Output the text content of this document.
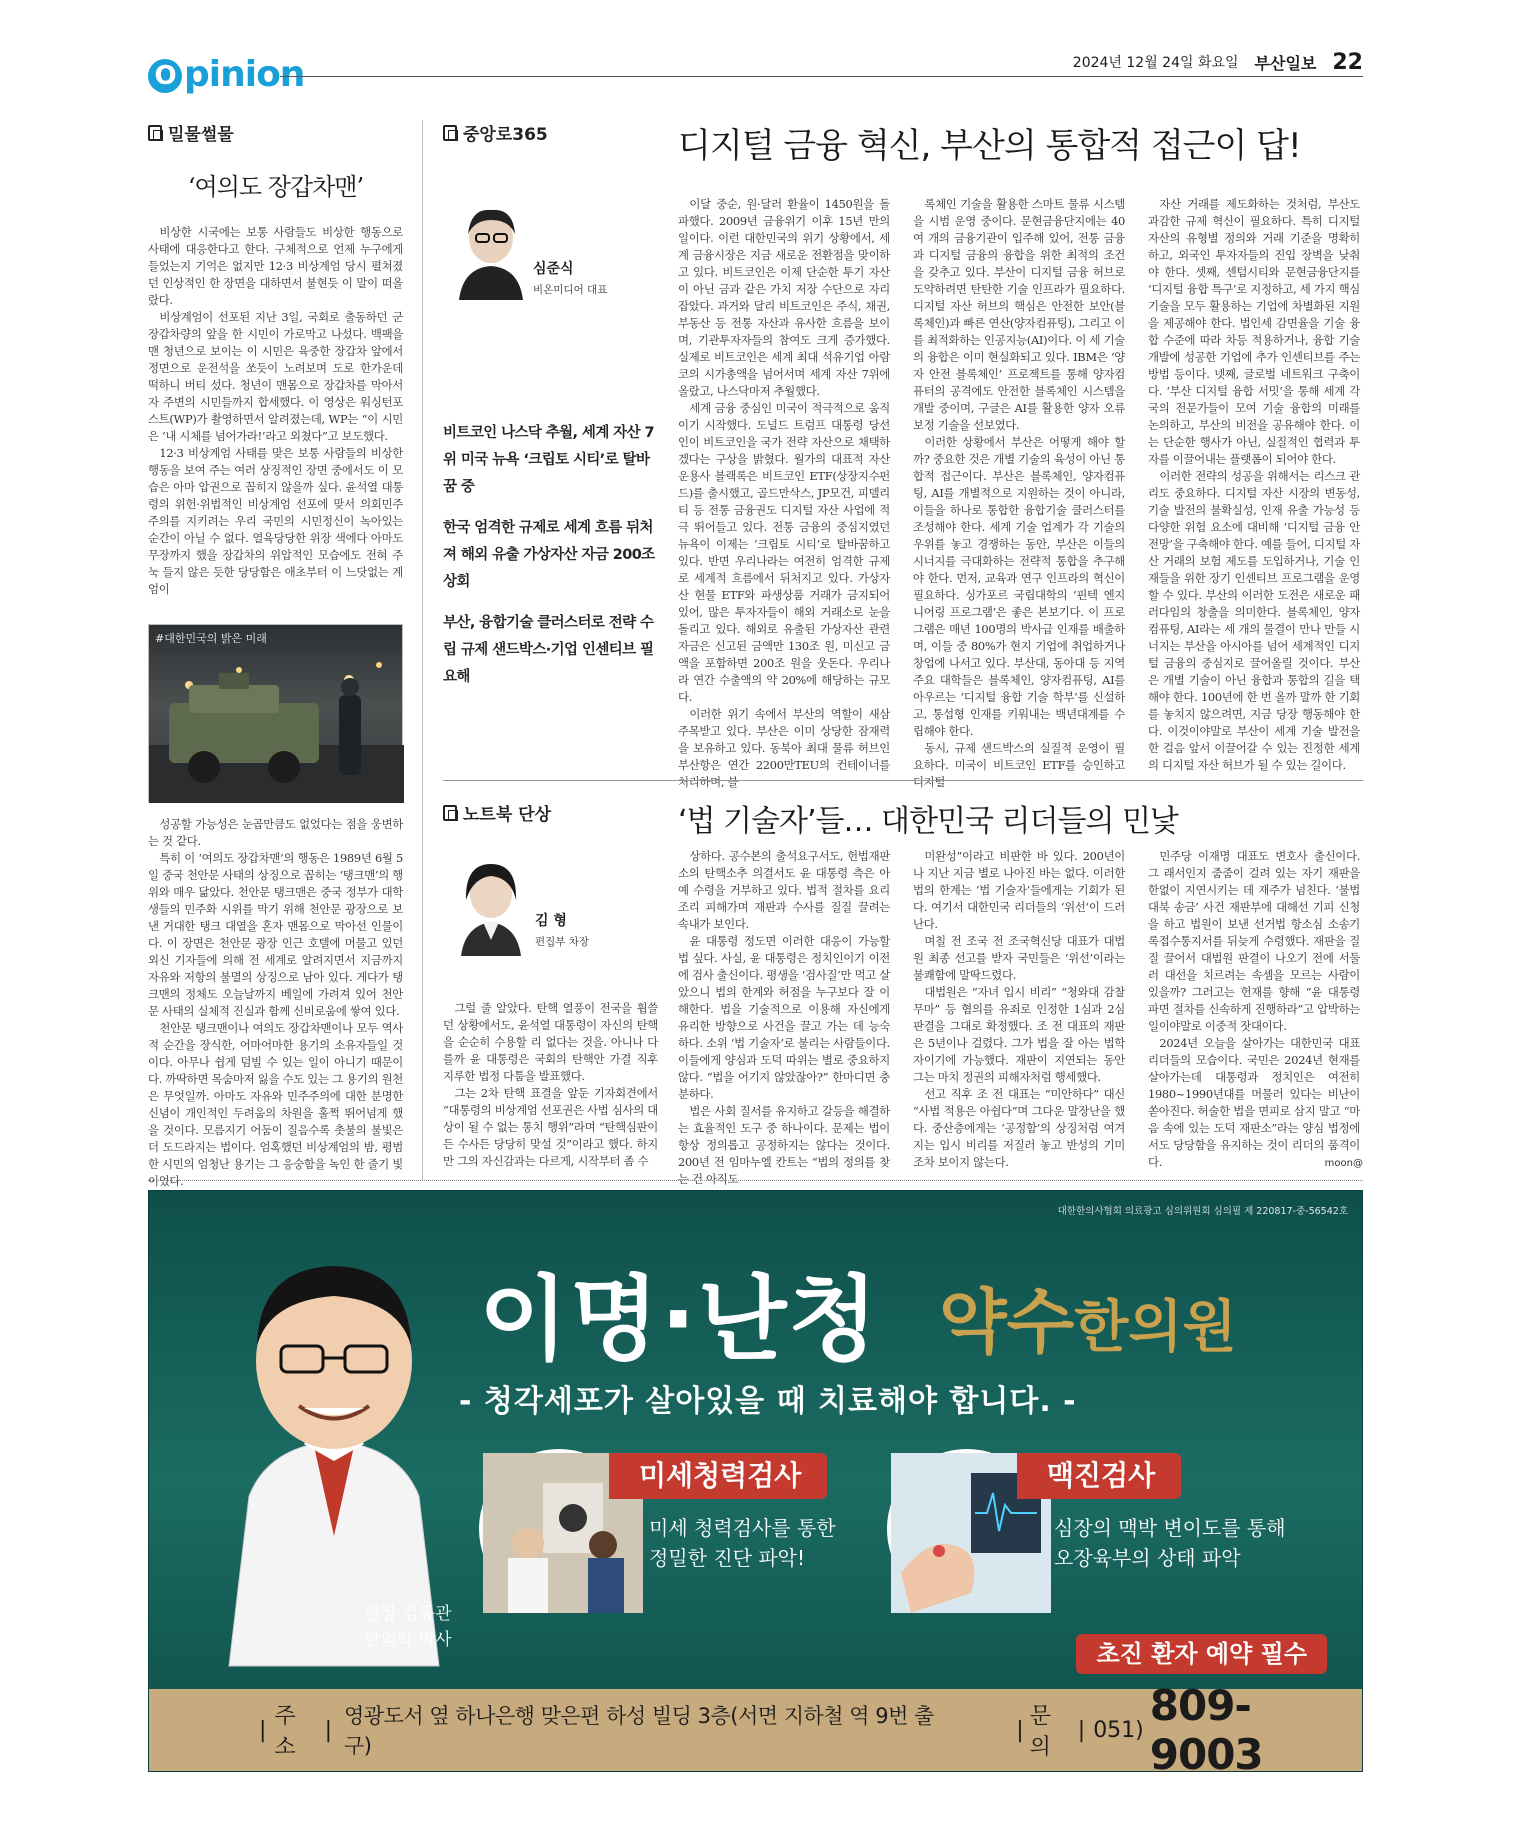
O pinion	2024년 12월 24일 화요일 부산일보 22
밀물썰물
‘여의도 장갑차맨’

비상한 시국에는 보통 사람들도 비상한 행동으로 사태에 대응한다고 한다. 구체적으로 언제 누구에게 들었는지 기억은 없지만 12·3 비상계엄 당시 펼쳐졌던 인상적인 한 장면을 대하면서 불현듯 이 말이 떠올랐다.

비상계엄이 선포된 지난 3일, 국회로 출동하던 군 장갑차량의 앞을 한 시민이 가로막고 나섰다. 백팩을 맨 청년으로 보이는 이 시민은 육중한 장갑차 앞에서 정면으로 운전석을 쏘듯이 노려보며 도로 한가운데 떡하니 버티 섰다. 청년이 맨몸으로 장갑차를 막아서자 주변의 시민들까지 합세했다. 이 영상은 워싱턴포스트(WP)가 촬영하면서 알려졌는데, WP는 “이 시민은 ‘내 시체를 넘어가라!’라고 외쳤다”고 보도했다.

12·3 비상계엄 사태를 맞은 보통 사람들의 비상한 행동을 보여 주는 여러 상징적인 장면 중에서도 이 모습은 아마 압권으로 꼽히지 않을까 싶다. 윤석열 대통령의 위헌·위법적인 비상계엄 선포에 맞서 의회민주주의를 지키려는 우리 국민의 시민정신이 녹아있는 순간이 아닐 수 없다. 열육당당한 위장 색에다 아마도 무장까지 했을 장갑차의 위압적인 모습에도 전혀 주눅 들지 않은 듯한 당당함은 애초부터 이 느닷없는 계엄이

#대한민국의 밝은 미래

성공할 가능성은 눈곱만큼도 없었다는 점을 웅변하는 것 같다.

특히 이 ‘여의도 장갑차맨’의 행동은 1989년 6월 5일 중국 천안문 사태의 상징으로 꼽히는 ‘탱크맨’의 행위와 매우 닮았다. 천안문 탱크맨은 중국 정부가 대학생들의 민주화 시위를 막기 위해 천안문 광장으로 보낸 거대한 탱크 대열을 혼자 맨몸으로 막아선 인물이다. 이 장면은 천안문 광장 인근 호텔에 머물고 있던 외신 기자들에 의해 전 세계로 알려지면서 지금까지 자유와 저항의 불멸의 상징으로 남아 있다. 게다가 탱크맨의 정체도 오늘날까지 베일에 가려져 있어 천안문 사태의 실체적 진실과 함께 신비로움에 쌓여 있다.

천안문 탱크맨이나 여의도 장갑차맨이나 모두 역사적 순간을 장식한, 어마어마한 용기의 소유자들일 것이다. 아무나 쉽게 덤빌 수 있는 일이 아니기 때문이다. 까딱하면 목숨마저 잃을 수도 있는 그 용기의 원천은 무엇일까. 아마도 자유와 민주주의에 대한 분명한 신념이 개인적인 두려움의 차원을 훌쩍 뛰어넘게 했을 것이다. 모름지기 어둠이 질음수록 촛불의 불빛은 더 도드라지는 법이다. 엄혹했던 비상계엄의 밤, 평범한 시민의 엄청난 용기는 그 응숭함을 녹인 한 줄기 빛이었다.

중앙로365	디지털 금융 혁신, 부산의 통합적 접근이 답!
심준식
비온미디어 대표
비트코인 나스닥 추월, 세계 자산 7위 미국 뉴욕 ‘크립토 시티’로 탈바꿈 중
한국 엄격한 규제로 세계 흐름 뒤처져 해외 유출 가상자산 자금 200조 상회
부산, 융합기술 클러스터로 전략 수립 규제 샌드박스·기업 인센티브 필요해

이달 중순, 원·달러 환율이 1450원을 돌파했다. 2009년 금융위기 이후 15년 만의 일이다. 이런 대한민국의 위기 상황에서, 세계 금융시장은 지금 새로운 전환점을 맞이하고 있다. 비트코인은 이제 단순한 투기 자산이 아닌 금과 같은 가치 저장 수단으로 자리 잡았다. 과거와 달리 비트코인은 주식, 채권, 부동산 등 전통 자산과 유사한 흐름을 보이며, 기관투자자들의 참여도 크게 증가했다. 실제로 비트코인은 세계 최대 석유기업 아람코의 시가총액을 넘어서며 세계 자산 7위에 올랐고, 나스닥마저 추월했다.

세계 금융 중심인 미국이 적극적으로 움직이기 시작했다. 도널드 트럼프 대통령 당선인이 비트코인을 국가 전략 자산으로 채택하겠다는 구상을 밝혔다. 월가의 대표적 자산운용사 블랙록은 비트코인 ETF(상장지수펀드)를 출시했고, 골드만삭스, JP모건, 피델리티 등 전통 금융권도 디지털 자산 사업에 적극 뛰어들고 있다. 전통 금융의 중심지였던 뉴욕이 이제는 ‘크립토 시티’로 탈바꿈하고 있다. 반면 우리나라는 여전히 엄격한 규제로 세계적 흐름에서 뒤처지고 있다. 가상자산 현물 ETF와 파생상품 거래가 금지되어 있어, 많은 투자자들이 해외 거래소로 눈을 돌리고 있다. 해외로 유출된 가상자산 관련 자금은 신고된 금액만 130조 원, 미신고 금액을 포함하면 200조 원을 웃돈다. 우리나라 연간 수출액의 약 20%에 해당하는 규모다.

이러한 위기 속에서 부산의 역할이 새삼 주목받고 있다. 부산은 이미 상당한 잠재력을 보유하고 있다. 동북아 최대 물류 허브인 부산항은 연간 2200만TEU의 컨테이너를 처리하며, 블

록체인 기술을 활용한 스마트 물류 시스템을 시범 운영 중이다. 문현금융단지에는 40여 개의 금융기관이 입주해 있어, 전통 금융과 디지털 금융의 융합을 위한 최적의 조건을 갖추고 있다. 부산이 디지털 금융 허브로 도약하려면 탄탄한 기술 인프라가 필요하다. 디지털 자산 허브의 핵심은 안전한 보안(블록체인)과 빠른 연산(양자컴퓨팅), 그리고 이를 최적화하는 인공지능(AI)이다. 이 세 기술의 융합은 이미 현실화되고 있다. IBM은 ‘양자 안전 블록체인’ 프로젝트를 통해 양자컴퓨터의 공격에도 안전한 블록체인 시스템을 개발 중이며, 구글은 AI를 활용한 양자 오류 보정 기술을 선보였다.

이러한 상황에서 부산은 어떻게 해야 할까? 중요한 것은 개별 기술의 육성이 아닌 통합적 접근이다. 부산은 블록체인, 양자컴퓨팅, AI를 개별적으로 지원하는 것이 아니라, 이들을 하나로 통합한 융합기술 클러스터를 조성해야 한다. 세계 기술 업계가 각 기술의 우위를 놓고 경쟁하는 동안, 부산은 이들의 시너지를 극대화하는 전략적 통합을 추구해야 한다. 먼저, 교육과 연구 인프라의 혁신이 필요하다. 싱가포르 국립대학의 ‘핀텍 엔지니어링 프로그램’은 좋은 본보기다. 이 프로그램은 매년 100명의 박사급 인재를 배출하며, 이들 중 80%가 현지 기업에 취업하거나 창업에 나서고 있다. 부산대, 동아대 등 지역 주요 대학들은 블록체인, 양자컴퓨팅, AI를 아우르는 ‘디지털 융합 기술 학부’를 신설하고, 통섭형 인재를 키워내는 백년대계를 수립해야 한다.

동시, 규제 샌드박스의 실질적 운영이 필요하다. 미국이 비트코인 ETF를 승인하고 디지털

자산 거래를 제도화하는 것처럼, 부산도 과감한 규제 혁신이 필요하다. 특히 디지털 자산의 유형별 정의와 거래 기준을 명확히 하고, 외국인 투자자들의 진입 장벽을 낮춰야 한다. 셋째, 센텀시티와 문현금융단지를 ‘디지털 융합 특구’로 지정하고, 세 가지 핵심 기술을 모두 활용하는 기업에 차별화된 지원을 제공해야 한다. 법인세 감면율을 기술 융합 수준에 따라 차등 적용하거나, 융합 기술 개발에 성공한 기업에 추가 인센티브를 주는 방법 등이다. 넷째, 글로벌 네트워크 구축이다. ‘부산 디지털 융합 서밋’을 통해 세계 각국의 전문가들이 모여 기술 융합의 미래를 논의하고, 부산의 비전을 공유해야 한다. 이는 단순한 행사가 아닌, 실질적인 협력과 투자를 이끌어내는 플랫폼이 되어야 한다.

이러한 전략의 성공을 위해서는 리스크 관리도 중요하다. 디지털 자산 시장의 변동성, 기술 발전의 불확실성, 인재 유출 가능성 등 다양한 위험 요소에 대비해 ‘디지털 금융 안전망’을 구축해야 한다. 예를 들어, 디지털 자산 거래의 보험 제도를 도입하거나, 기술 인재들을 위한 장기 인센티브 프로그램을 운영할 수 있다. 부산의 이러한 도전은 새로운 패러다임의 창출을 의미한다. 블록체인, 양자컴퓨팅, AI라는 세 개의 물결이 만나 만들 시너지는 부산을 아시아를 넘어 세계적인 디지털 금융의 중심지로 끌어올릴 것이다. 부산은 개별 기술이 아닌 융합과 통합의 길을 택해야 한다. 100년에 한 번 올까 말까 한 기회를 놓치지 않으려면, 지금 당장 행동해야 한다. 이것이야말로 부산이 세계 기술 발전을 한 걸음 앞서 이끌어갈 수 있는 진정한 세계의 디지털 자산 허브가 될 수 있는 길이다.

노트북 단상	‘법 기술자’들… 대한민국 리더들의 민낯
김 형
편집부 차장

그럴 줄 알았다. 탄핵 열풍이 전국을 휩쓸던 상황에서도, 윤석열 대통령이 자신의 탄핵을 순순히 수용할 리 없다는 것을. 아니나 다를까 윤 대통령은 국회의 탄핵안 가결 직후 지루한 법정 다툼을 발표했다.

그는 2차 탄핵 표결을 앞둔 기자회견에서 “대통령의 비상계엄 선포권은 사법 심사의 대상이 될 수 없는 통치 행위”라며 “탄핵심판이든 수사든 당당히 맞설 것”이라고 했다. 하지만 그의 자신감과는 다르게, 시작부터 좀 수

상하다. 공수본의 출석요구서도, 헌법재판소의 탄핵소추 의결서도 윤 대통령 측은 아예 수령을 거부하고 있다. 법적 절차를 요리조리 피해가며 재판과 수사를 질질 끌려는 속내가 보인다.

윤 대통령 정도면 이러한 대응이 가능할 법 싶다. 사실, 윤 대통령은 정치인이기 이전에 검사 출신이다. 평생을 ‘검사질’만 먹고 살았으니 법의 한계와 허점을 누구보다 잘 이해한다. 법을 기술적으로 이용해 자신에게 유리한 방향으로 사건을 끌고 가는 데 능숙하다. 소위 ‘법 기술자’로 불리는 사람들이다. 이들에게 양심과 도덕 따위는 별로 중요하지 않다. “법을 어기지 않았잖아?” 한마디면 충분하다.

법은 사회 질서를 유지하고 갈등을 해결하는 효율적인 도구 중 하나이다. 문제는 법이 항상 정의롭고 공정하지는 않다는 것이다. 200년 전 임마누엘 칸트는 “법의 정의를 찾는 건 아직도

미완성”이라고 비판한 바 있다. 200년이나 지난 지금 별로 나아진 바는 없다. 이러한 법의 한계는 ‘법 기술자’들에게는 기회가 된다. 여기서 대한민국 리더들의 ‘위선’이 드러난다.

며칠 전 조국 전 조국혁신당 대표가 대법원 최종 선고를 받자 국민들은 ‘위선’이라는 불쾌함에 말딱드렸다.

대법원은 “자녀 입시 비리” “청와대 감찰 무마” 등 혐의를 유죄로 인정한 1심과 2심 판결을 그대로 확정했다. 조 전 대표의 재판은 5년이나 걸렸다. 그가 법을 잘 아는 법학자이기에 가능했다. 재판이 지연되는 동안 그는 마치 정권의 피해자처럼 행세했다.

선고 직후 조 전 대표는 “미안하다” 대신 “사법 적용은 아쉽다”며 그다운 말장난을 했다. 중산층에게는 ‘공정함’의 상징처럼 여겨지는 입시 비리를 저질러 놓고 반성의 기미조차 보이지 않는다.

민주당 이재명 대표도 변호사 출신이다. 그 래서인지 줌줌이 걸려 있는 자기 재판을 한없이 지연시키는 데 재주가 넘친다. ‘불법 대북 송금’ 사건 재판부에 대해선 기피 신청을 하고 법원이 보낸 선거법 항소심 소송기록접수통지서를 뒤늦게 수령했다. 재판을 질질 끌어서 대법원 판결이 나오기 전에 서둘러 대선을 치르려는 속셈을 모르는 사람이 있을까? 그러고는 헌재를 향해 “윤 대통령 파면 절차를 신속하게 진행하라”고 압박하는 일이야말로 이중적 잣대이다.

2024년 오늘을 살아가는 대한민국 대표 리더들의 모습이다. 국민은 2024년 현재를 살아가는데 대통령과 정치인은 여전히 1980~1990년대를 머물러 있다는 비난이 쏟아진다. 허술한 법을 면피로 삼지 말고 “마음 속에 있는 도덕 재판소”라는 양심 법정에서도 당당함을 유지하는 것이 리더의 품격이다.	moon@
대한한의사협회 의료광고 심의위원회 심의필 제 220817-중-56542호
원장 김동관
한의학 박사
이명·난청 약수한의원
- 청각세포가 살아있을 때 치료해야 합니다. -
미세청력검사
미세 청력검사를 통한
정밀한 진단 파악!
맥진검사
심장의 맥박 변이도를 통해
오장육부의 상태 파악
초진 환자 예약 필수
|
주소
|
영광도서 옆 하나은행 맞은편 하성 빌딩 3층(서면 지하철 역 9번 출구)
|
문의
| 051) 809-9003
